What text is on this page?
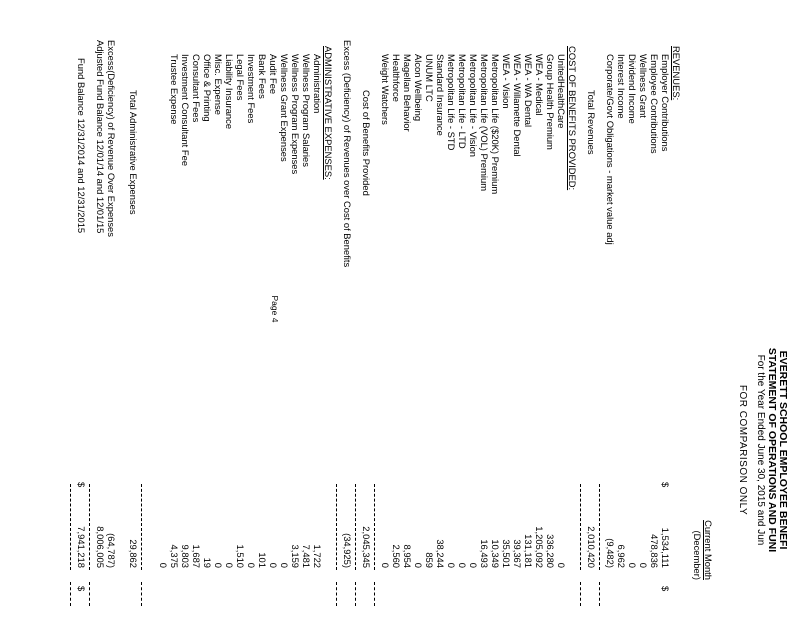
EVERETT SCHOOL EMPLOYEE BENEFI
STATEMENT OF OPERATIONS AND FUNI
For the Year Ended June 30, 2015 and Jun
FOR COMPARISON ONLY
Current Month
(December)
REVENUES:
Employer Contributions
$
1,534,111
$
Employee Contributions
478,836
Wellness Grant
0
Dividend Income
0
Interest Income
6,962
Corporate/Govt Obligations - market value adj
(9,482)
Total Revenues
2,010,420
COST OF BENEFITS PROVIDED:
UnitedHealthCare
0
Group Health Premium
336,280
WEA - Medical
1,205,092
WEA - WA Dental
131,181
WEA - Willamette Dental
39,367
WEA - Vision
35,501
Metropolitan Life ($20K) Premium
10,349
Metropolitan Life (VOL) Premium
16,493
Metropolitan Life - Vision
0
Metropolitan Life - LTD
0
Metropolitan Life - STD
0
Standard Insurance
38,244
UNUM LTC
859
Alcon Wellbeing
0
Magellan Behavior
8,954
Healthforce
2,560
Weight Watchers
0
Cost of Benefits Provided
2,045,345
Excess (Deficiency) of Revenues over Cost of Benefits
(34,925)
ADMINISTRATIVE EXPENSES:
Administration
1,722
Wellness Program Salaries
7,481
Wellness Program Expenses
3,159
Wellness Grant Expenses
0
Audit Fee
0
Bank Fees
101
Investment Fees
0
Legal Fees
1,510
Liability Insurance
0
Misc. Expense
0
Office & Printing
19
Consultant Fees
1,687
Investment Consultant Fee
9,803
Trustee Expense
4,375
0
Total Administrative Expenses
29,862
Excess(Deficiency) of Revenue Over Expenses
(64,787)
Adjusted Fund Balance 12/01/14 and 12/01/15
8,006,005
Fund Balance 12/31/2014 and 12/31/2015
$
7,941,218
$
Page 4
